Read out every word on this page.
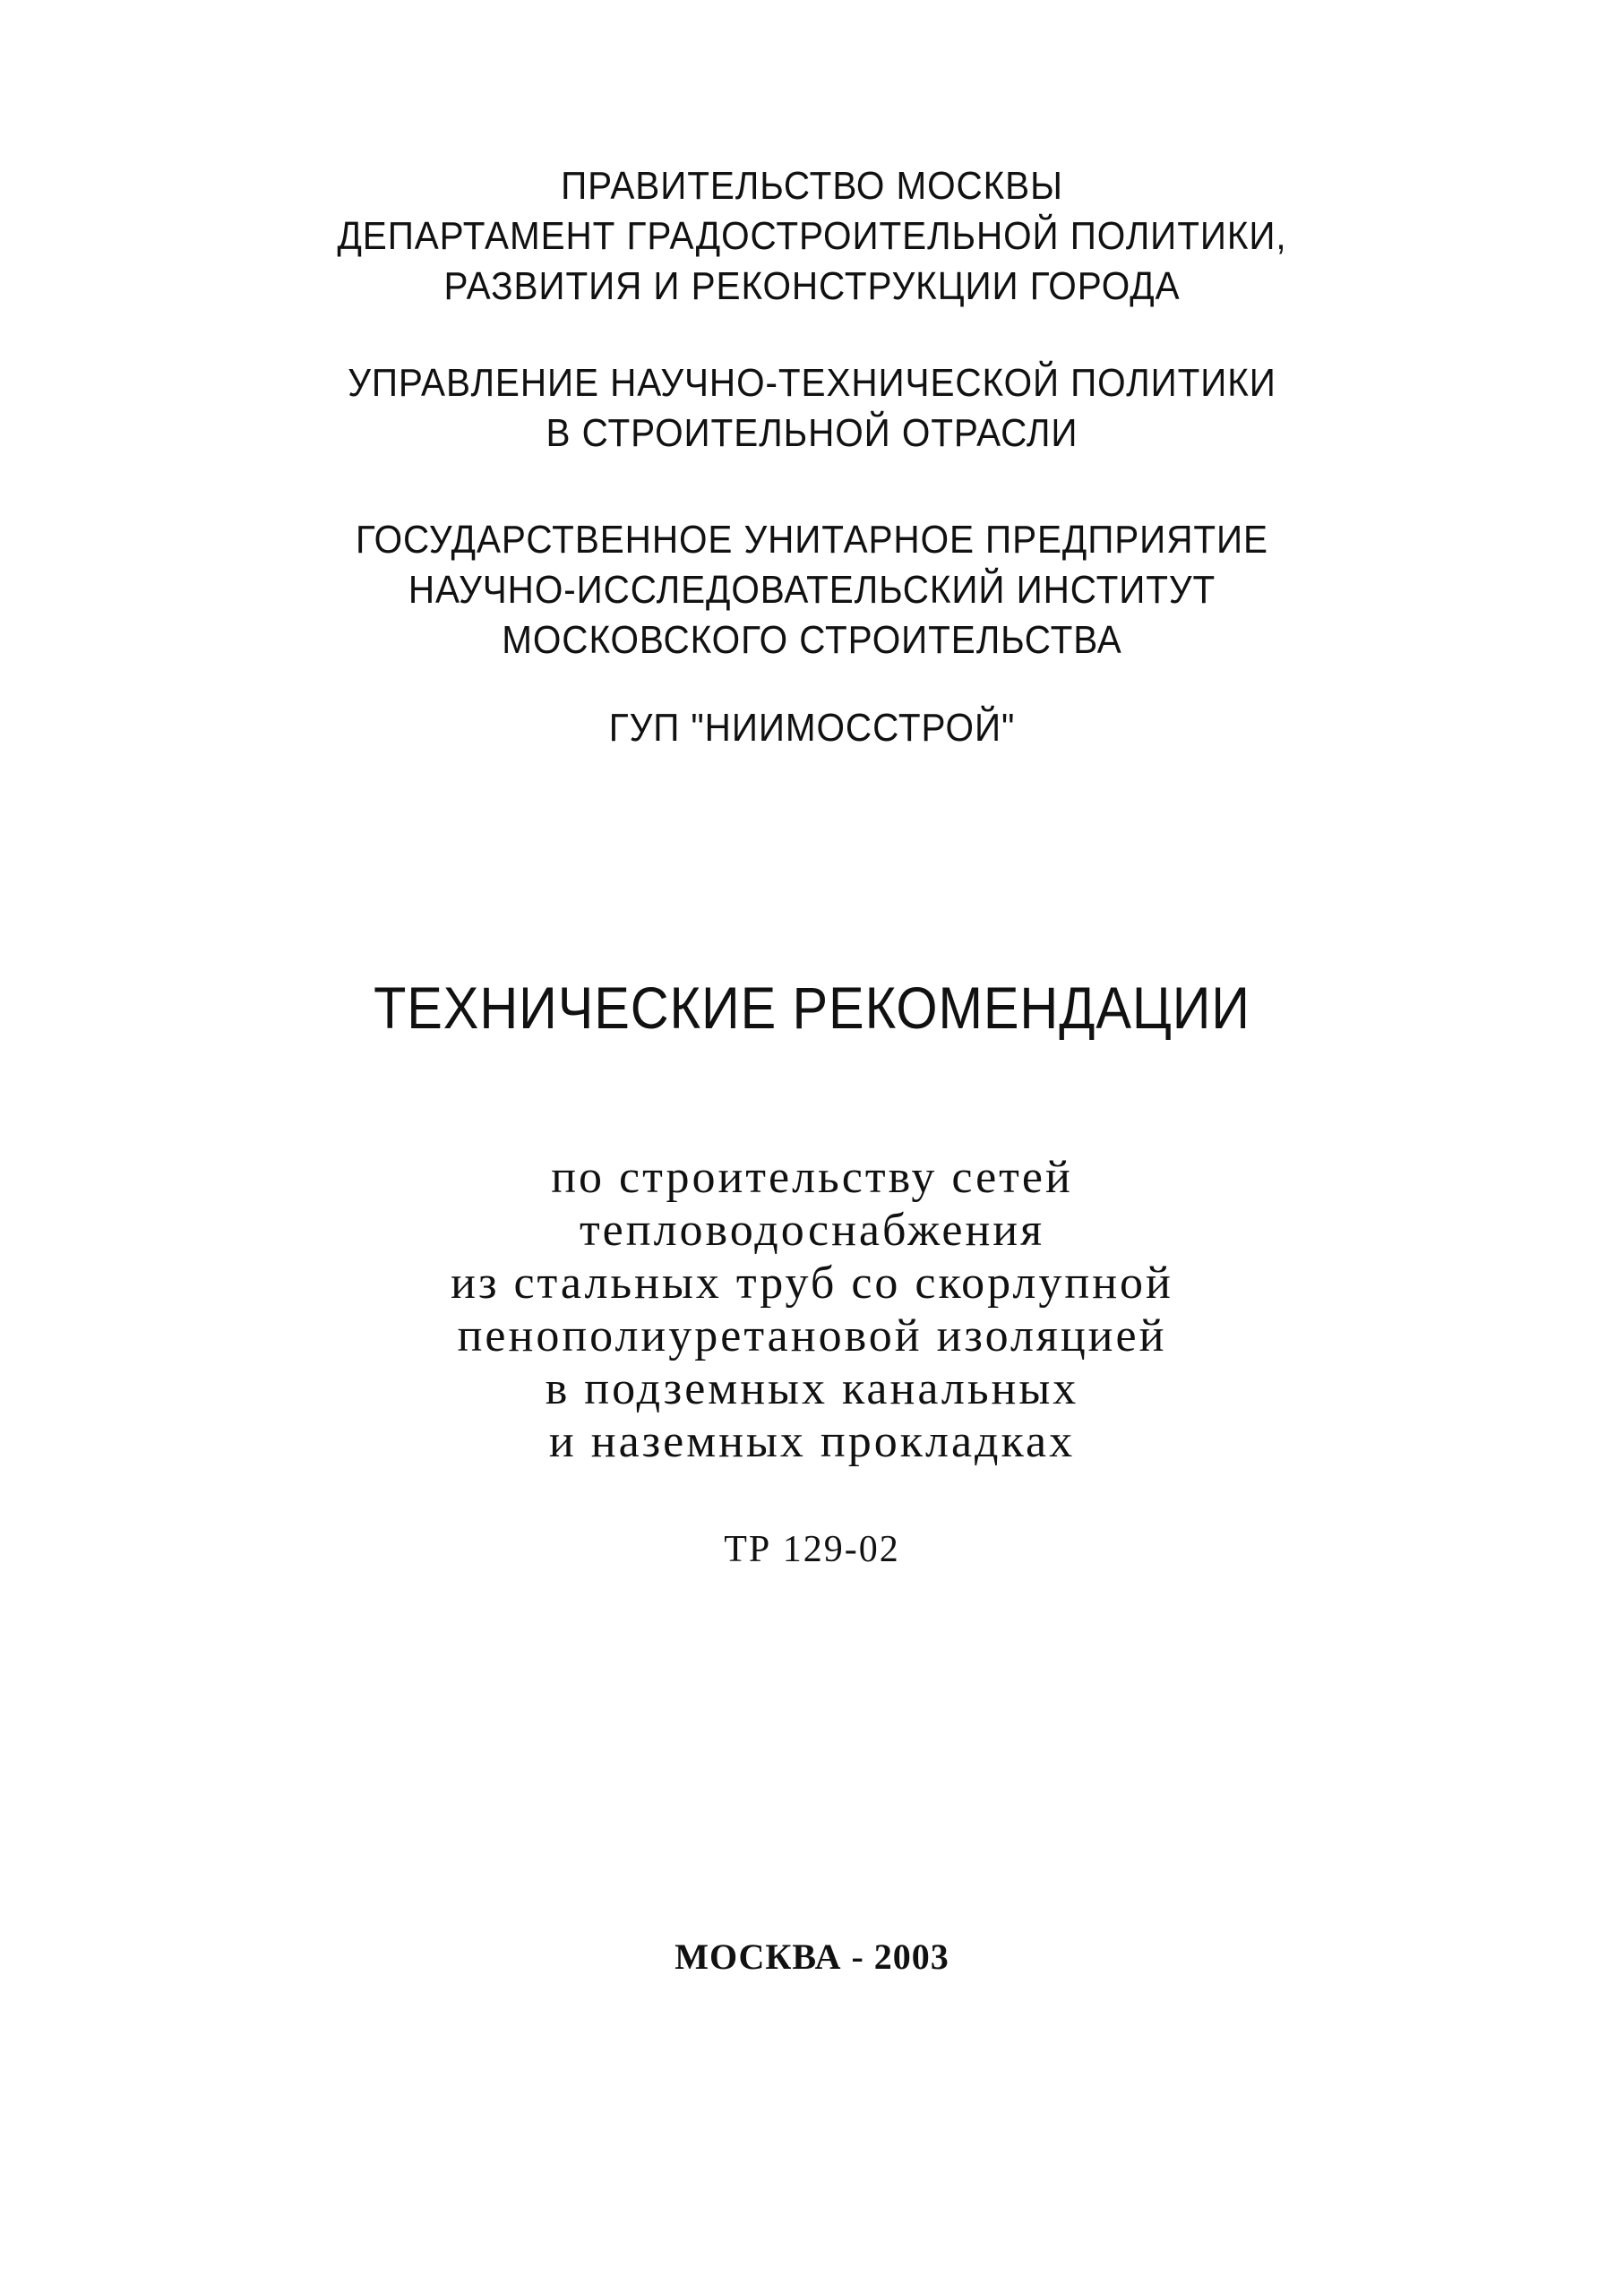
ПРАВИТЕЛЬСТВО МОСКВЫ
ДЕПАРТАМЕНТ ГРАДОСТРОИТЕЛЬНОЙ ПОЛИТИКИ,
РАЗВИТИЯ И РЕКОНСТРУКЦИИ ГОРОДА
УПРАВЛЕНИЕ НАУЧНО-ТЕХНИЧЕСКОЙ ПОЛИТИКИ
В СТРОИТЕЛЬНОЙ ОТРАСЛИ
ГОСУДАРСТВЕННОЕ УНИТАРНОЕ ПРЕДПРИЯТИЕ
НАУЧНО-ИССЛЕДОВАТЕЛЬСКИЙ ИНСТИТУТ
МОСКОВСКОГО СТРОИТЕЛЬСТВА
ГУП "НИИМОССТРОЙ"
ТЕХНИЧЕСКИЕ РЕКОМЕНДАЦИИ
по строительству сетей
тепловодоснабжения
из стальных труб со скорлупной
пенополиуретановой изоляцией
в подземных канальных
и наземных прокладках
ТР 129-02
МОСКВА - 2003
